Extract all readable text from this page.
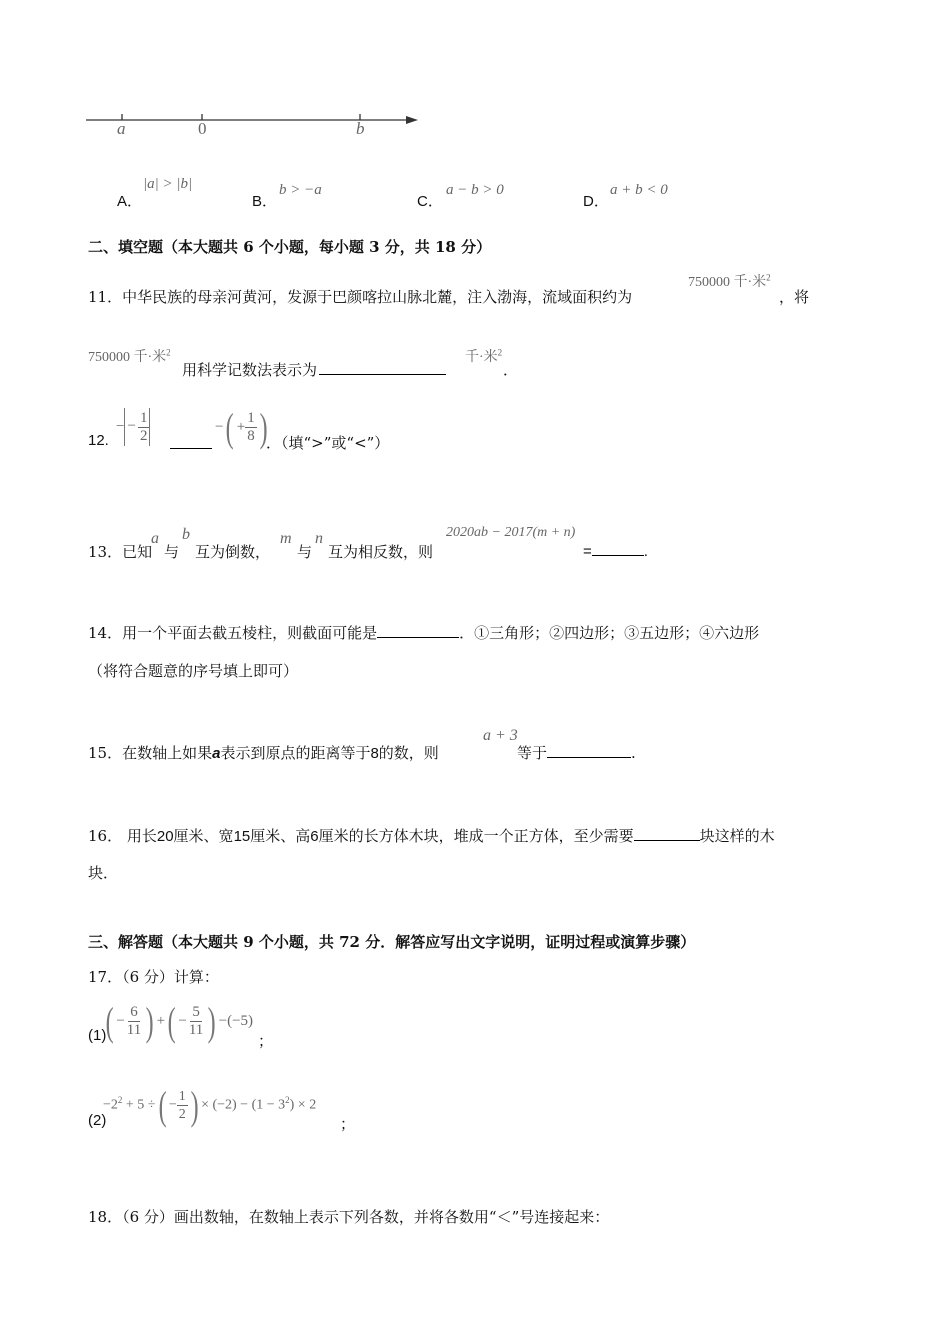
a	0	b
A．
|a| > |b|
B．
b > −a
C．
a − b > 0
D．
a + b < 0
二、填空题（本大题共 6 个小题，每小题 3 分，共 18 分）
11．中华民族的母亲河黄河，发源于巴颜喀拉山脉北麓，注入渤海，流域面积约为
750000 千·米$^2$
，将
750000 千·米$^2$
用科学记数法表示为
千·米$^2$
．
12.
− − $\frac{1}{2}$	−( + $\frac{1}{8}$ )
．（填“>”或“<”）
13．已知
a
与
b
互为倒数，
m
与
n
互为相反数，则
2020ab − 2017(m + n)
=	.
14．用一个平面去截五棱柱，则截面可能是	．①三角形；②四边形；③五边形；④六边形
（将符合题意的序号填上即可）
15．在数轴上如果a表示到原点的距离等于8的数，则
a + 3
等于	.
16． 用长20厘米、宽15厘米、高6厘米的长方体木块，堆成一个正方体，至少需要	块这样的木
块．
三、解答题（本大题共 9 个小题，共 72 分．解答应写出文字说明，证明过程或演算步骤）
17．（6 分）计算：
(1) ( − $\frac{6}{11}$ ) +( − $\frac{5}{11}$ ) −(−5)
；
(2)
$-2^2 + 5$ ÷( − $\frac{1}{2}$ ) × $(-2) - (1 - 3^2) \times 2$
；
18．（6 分）画出数轴，在数轴上表示下列各数，并将各数用“＜”号连接起来：
